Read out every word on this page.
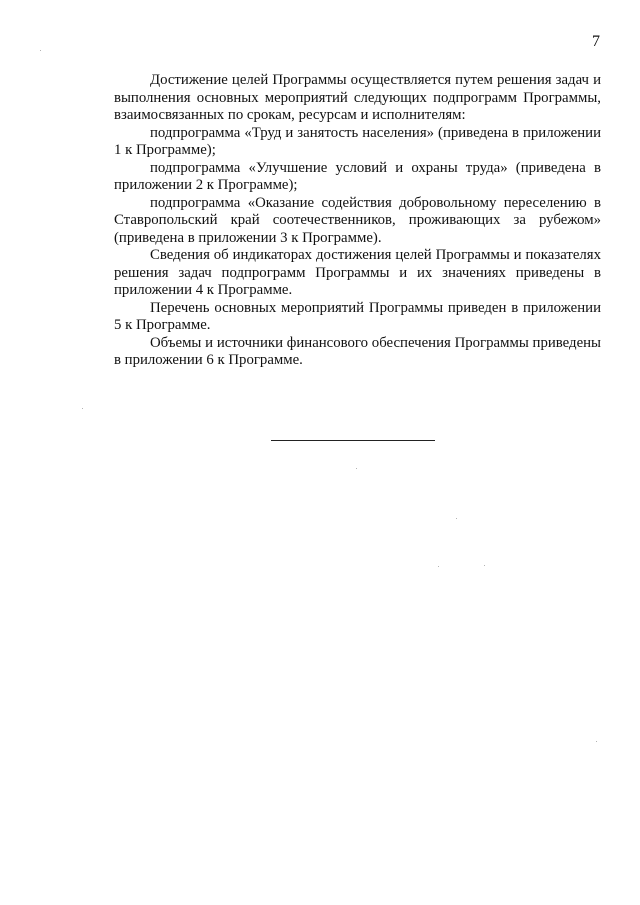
7

Достижение целей Программы осуществляется путем решения задач и выполнения основных мероприятий следующих подпрограмм Программы, взаимосвязанных по срокам, ресурсам и исполнителям:

подпрограмма «Труд и занятость населения» (приведена в приложении 1 к Программе);

подпрограмма «Улучшение условий и охраны труда» (приведена в приложении 2 к Программе);

подпрограмма «Оказание содействия добровольному переселению в Ставропольский край соотечественников, проживающих за рубежом» (приведена в приложении 3 к Программе).

Сведения об индикаторах достижения целей Программы и показателях решения задач подпрограмм Программы и их значениях приведены в приложении 4 к Программе.

Перечень основных мероприятий Программы приведен в приложении 5 к Программе.

Объемы и источники финансового обеспечения Программы приведены в приложении 6 к Программе.
